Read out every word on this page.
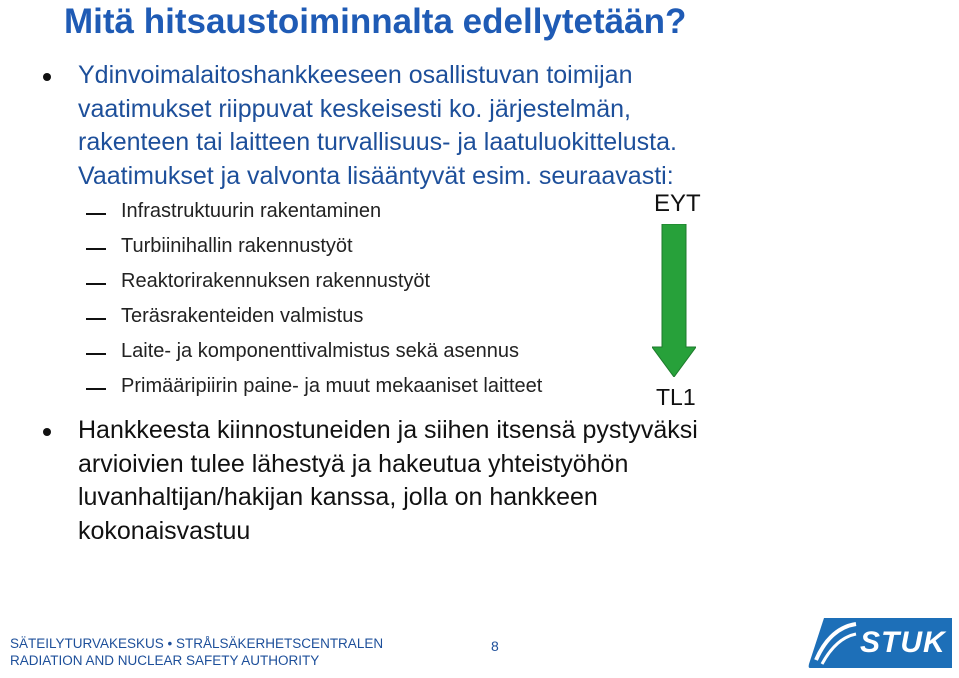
Mitä hitsaustoiminnalta edellytetään?

Ydinvoimalaitoshankkeeseen osallistuvan toimijan
vaatimukset riippuvat keskeisesti ko. järjestelmän,
rakenteen tai laitteen turvallisuus- ja laatuluokittelusta.
Vaatimukset ja valvonta lisääntyvät esim. seuraavasti:

Infrastruktuurin rakentaminen
Turbiinihallin rakennustyöt
Reaktorirakennuksen rakennustyöt
Teräsrakenteiden valmistus
Laite- ja komponenttivalmistus sekä asennus
Primääripiirin paine- ja muut mekaaniset laitteet
EYT
TL1

Hankkeesta kiinnostuneiden ja siihen itsensä pystyväksi
arvioivien tulee lähestyä ja hakeutua yhteistyöhön
luvanhaltijan/hakijan kanssa, jolla on hankkeen
kokonaisvastuu

SÄTEILYTURVAKESKUS • STRÅLSÄKERHETSCENTRALEN

RADIATION AND NUCLEAR SAFETY AUTHORITY

8	STUK
